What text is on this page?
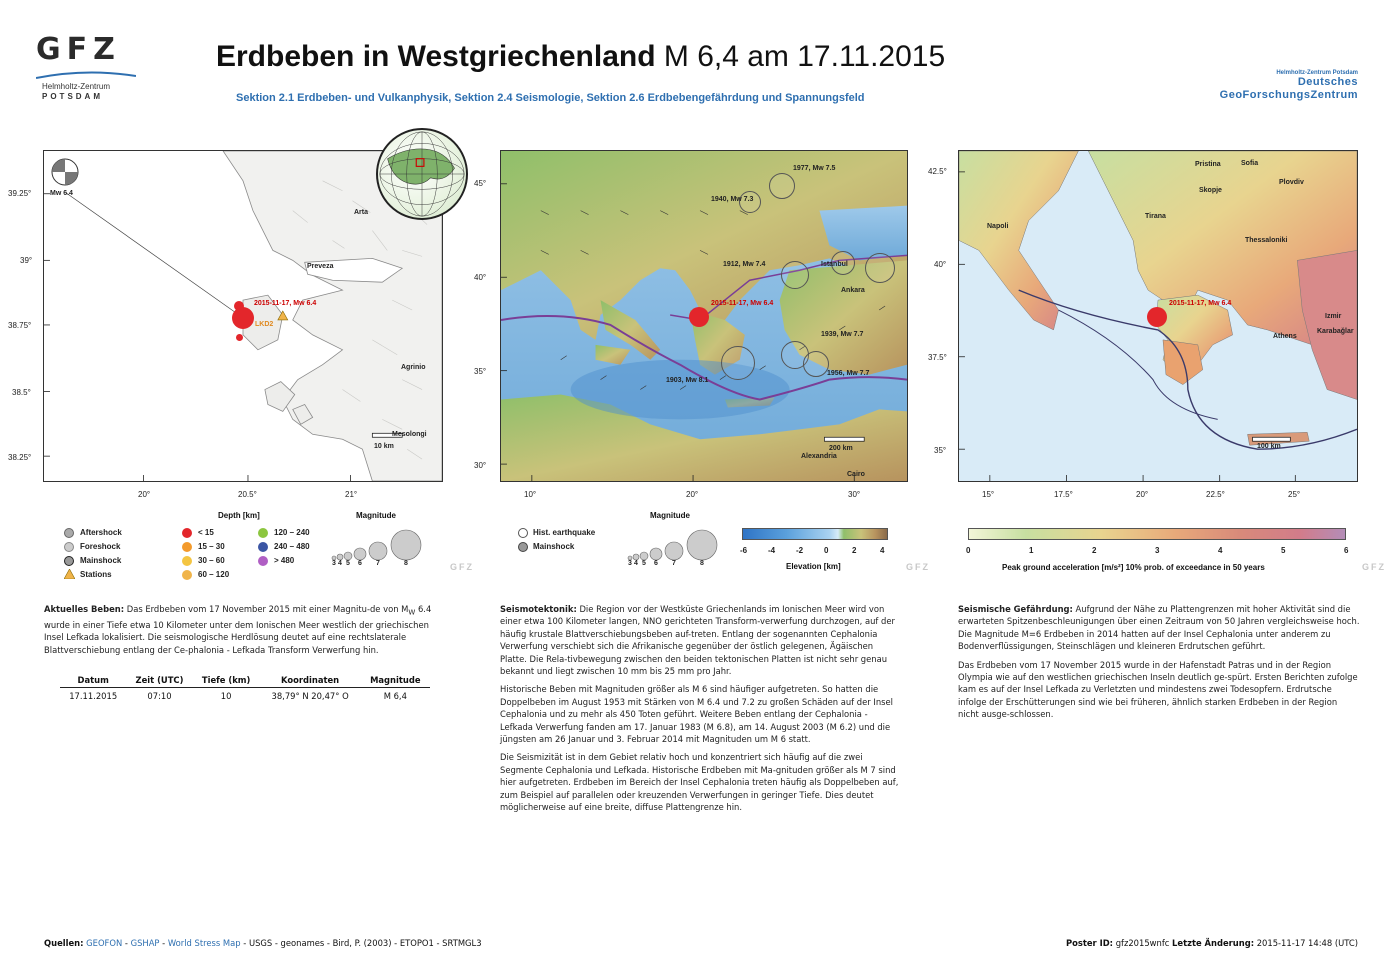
GFZ
Helmholtz-Zentrum
POTSDAM
Erdbeben in Westgriechenland M 6,4 am 17.11.2015
Sektion 2.1 Erdbeben- und Vulkanphysik, Sektion 2.4 Seismologie, Sektion 2.6 Erdbebengefährdung und Spannungsfeld
Helmholtz-Zentrum Potsdam
Deutsches
GeoForschungsZentrum
Mw 6.4
Arta
Preveza
Agrinio
Mesolongi
10 km
2015-11-17, Mw 6.4
LKD2
39.25°
39°
38.75°
38.5°
38.25°
20°	20.5°	21°
1977, Mw 7.5
1940, Mw 7.3
1912, Mw 7.4
1939, Mw 7.7
1903, Mw 8.1
1956, Mw 7.7
Istanbul
Ankara
Alexandria
Cairo
200 km
2015-11-17, Mw 6.4
45°
40°
35°
30°
10°	20°	30°
Pristina	Sofia
Skopje
Plovdiv
Napoli
Tirana
Thessaloniki
2015-11-17, Mw 6.4
Izmir
Athens
Karabağlar
100 km
42.5°
40°
37.5°
35°
15°	17.5°	20°	22.5°	25°
Aftershock
Foreshock
Mainshock
Stations
Depth [km]
< 15
15 – 30
30 – 60
60 – 120
120 – 240
240 – 480
> 480
Magnitude
3 4 5 6 7	8	GFZ
Hist. earthquake
Mainshock
Magnitude
3 4 5 6 7	8
-6	-4	-2	0	2	4
Elevation [km]	GFZ
0	1	2	3	4	5	6
Peak ground acceleration [m/s²] 10% prob. of exceedance in 50 years	GFZ

Aktuelles Beben: Das Erdbeben vom 17 November 2015 mit einer Magnitu-de von $M_W$ 6.4 wurde in einer Tiefe etwa 10 Kilometer unter dem Ionischen Meer westlich der griechischen Insel Lefkada lokalisiert. Die seismologische Herdlösung deutet auf eine rechtslaterale Blattverschiebung entlang der Ce-phalonia - Lefkada Transform Verwerfung hin.

Datum	Zeit (UTC)	Tiefe (km)	Koordinaten	Magnitude
17.11.2015	07:10	10	38,79° N 20,47° O	M 6,4

Seismotektonik: Die Region vor der Westküste Griechenlands im Ionischen Meer wird von einer etwa 100 Kilometer langen, NNO gerichteten Transform-verwerfung durchzogen, auf der häufig krustale Blattverschiebungsbeben auf-treten. Entlang der sogenannten Cephalonia Verwerfung verschiebt sich die Afrikanische gegenüber der östlich gelegenen, Ägäischen Platte. Die Rela-tivbewegung zwischen den beiden tektonischen Platten ist nicht sehr genau bekannt und liegt zwischen 10 mm bis 25 mm pro Jahr.

Historische Beben mit Magnituden größer als M 6 sind häufiger aufgetreten. So hatten die Doppelbeben im August 1953 mit Stärken von M 6.4 und 7.2 zu großen Schäden auf der Insel Cephalonia und zu mehr als 450 Toten geführt. Weitere Beben entlang der Cephalonia - Lefkada Verwerfung fanden am 17. Januar 1983 (M 6.8), am 14. August 2003 (M 6.2) und die jüngsten am 26 Januar und 3. Februar 2014 mit Magnituden um M 6 statt.

Die Seismizität ist in dem Gebiet relativ hoch und konzentriert sich häufig auf die zwei Segmente Cephalonia und Lefkada. Historische Erdbeben mit Ma-gnituden größer als M 7 sind hier aufgetreten. Erdbeben im Bereich der Insel Cephalonia treten häufig als Doppelbeben auf, zum Beispiel auf parallelen oder kreuzenden Verwerfungen in geringer Tiefe. Dies deutet möglicherweise auf eine breite, diffuse Plattengrenze hin.

Seismische Gefährdung: Aufgrund der Nähe zu Plattengrenzen mit hoher Aktivität sind die erwarteten Spitzenbeschleunigungen über einen Zeitraum von 50 Jahren vergleichsweise hoch. Die Magnitude M=6 Erdbeben in 2014 hatten auf der Insel Cephalonia unter anderem zu Bodenverflüssigungen, Steinschlägen und kleineren Erdrutschen geführt.

Das Erdbeben vom 17 November 2015 wurde in der Hafenstadt Patras und in der Region Olympia wie auf den westlichen griechischen Inseln deutlich ge-spürt. Ersten Berichten zufolge kam es auf der Insel Lefkada zu Verletzten und mindestens zwei Todesopfern. Erdrutsche infolge der Erschütterungen sind wie bei früheren, ähnlich starken Erdbeben in der Region nicht ausge-schlossen.

Quellen: GEOFON - GSHAP - World Stress Map - USGS - geonames - Bird, P. (2003) - ETOPO1 - SRTMGL3	Poster ID: gfz2015wnfc Letzte Änderung: 2015-11-17 14:48 (UTC)
